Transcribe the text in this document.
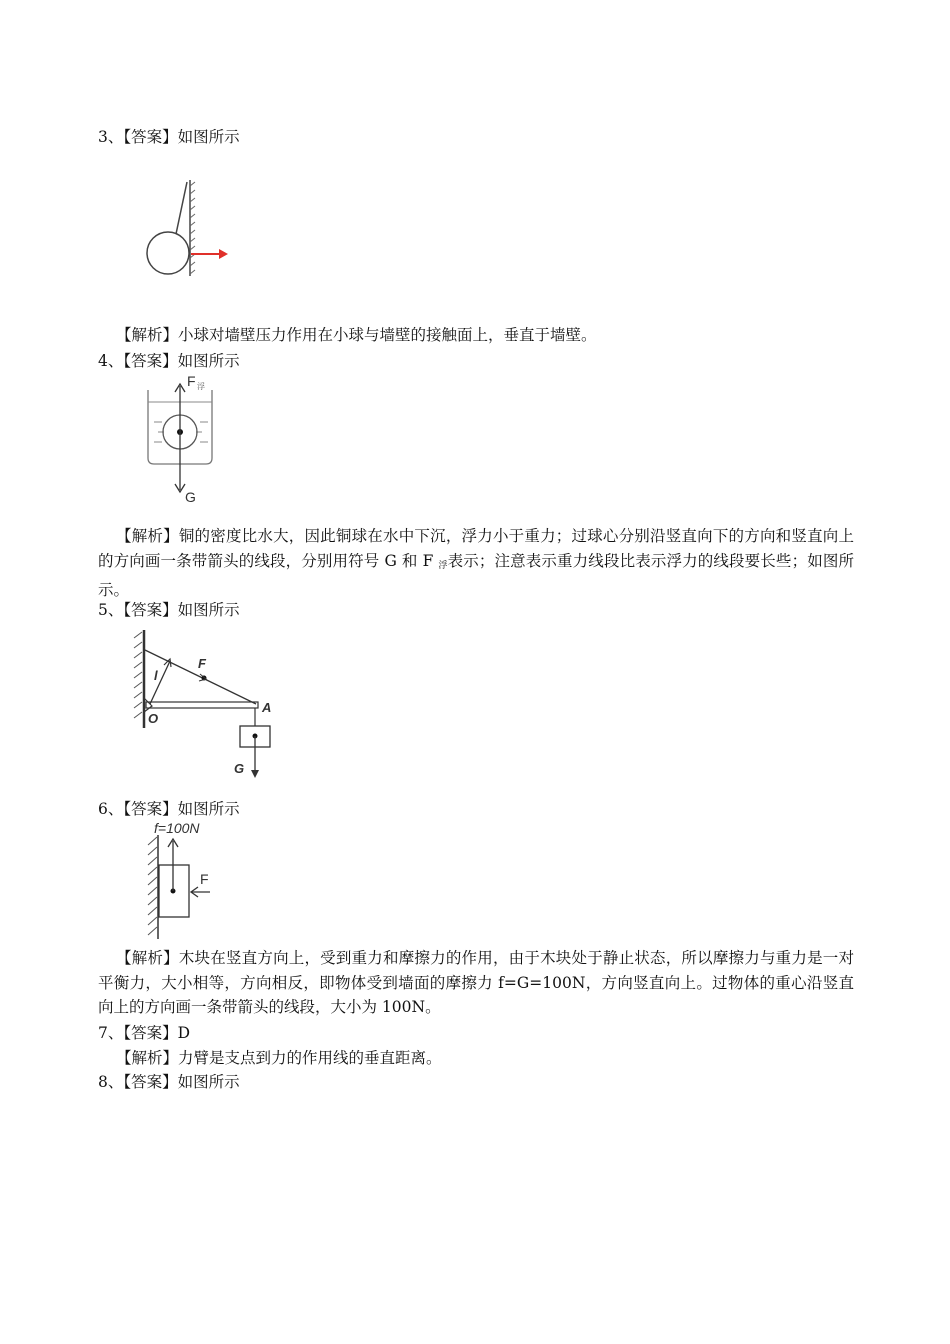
3、【答案】如图所示
【解析】小球对墙壁压力作用在小球与墙壁的接触面上，垂直于墙壁。
4、【答案】如图所示
F 浮
G
【解析】铜的密度比水大，因此铜球在水中下沉，浮力小于重力；过球心分别沿竖直向下的方向和竖直向上的方向画一条带箭头的线段，分别用符号 G 和 F $_浮$表示；注意表示重力线段比表示浮力的线段要长些；如图所示。
5、【答案】如图所示
F
l
O
A
G
6、【答案】如图所示
f=100N
F
【解析】木块在竖直方向上，受到重力和摩擦力的作用，由于木块处于静止状态，所以摩擦力与重力是一对平衡力，大小相等，方向相反，即物体受到墙面的摩擦力 f=G=100N，方向竖直向上。过物体的重心沿竖直向上的方向画一条带箭头的线段，大小为 100N。
7、【答案】D
【解析】力臂是支点到力的作用线的垂直距离。
8、【答案】如图所示
